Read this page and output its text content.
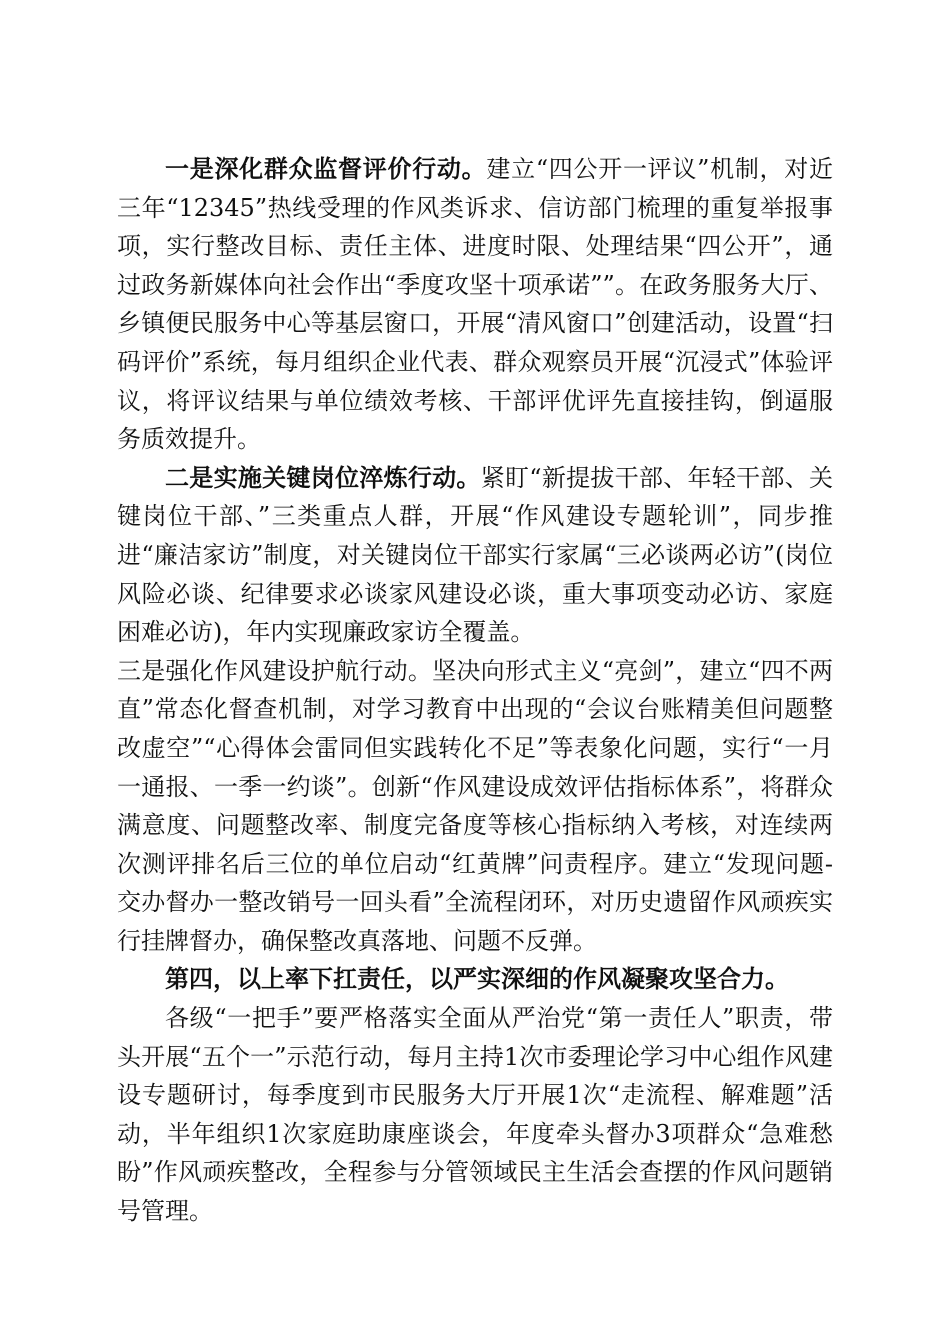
一是深化群众监督评价行动。建立“四公开一评议”机制，对近三年“12345”热线受理的作风类诉求、信访部门梳理的重复举报事项，实行整改目标、责任主体、进度时限、处理结果“四公开”，通过政务新媒体向社会作出“季度攻坚十项承诺””。在政务服务大厅、乡镇便民服务中心等基层窗口，开展“清风窗口”创建活动，设置“扫码评价”系统，每月组织企业代表、群众观察员开展“沉浸式”体验评议，将评议结果与单位绩效考核、干部评优评先直接挂钩，倒逼服务质效提升。

二是实施关键岗位淬炼行动。紧盯“新提拔干部、年轻干部、关键岗位干部、”三类重点人群，开展“作风建设专题轮训”，同步推进“廉洁家访”制度，对关键岗位干部实行家属“三必谈两必访”(岗位风险必谈、纪律要求必谈家风建设必谈，重大事项变动必访、家庭困难必访)，年内实现廉政家访全覆盖。

三是强化作风建设护航行动。坚决向形式主义“亮剑”，建立“四不两直”常态化督查机制，对学习教育中出现的“会议台账精美但问题整改虚空”“心得体会雷同但实践转化不足”等表象化问题，实行“一月一通报、一季一约谈”。创新“作风建设成效评估指标体系”，将群众满意度、问题整改率、制度完备度等核心指标纳入考核，对连续两次测评排名后三位的单位启动“红黄牌”问责程序。建立“发现问题-交办督办一整改销号一回头看”全流程闭环，对历史遗留作风顽疾实行挂牌督办，确保整改真落地、问题不反弹。

第四，以上率下扛责任，以严实深细的作风凝聚攻坚合力。

各级“一把手”要严格落实全面从严治党“第一责任人”职责，带头开展“五个一”示范行动，每月主持1次市委理论学习中心组作风建设专题研讨，每季度到市民服务大厅开展1次“走流程、解难题”活动，半年组织1次家庭助康座谈会，年度牵头督办3项群众“急难愁盼”作风顽疾整改，全程参与分管领域民主生活会查摆的作风问题销号管理。
